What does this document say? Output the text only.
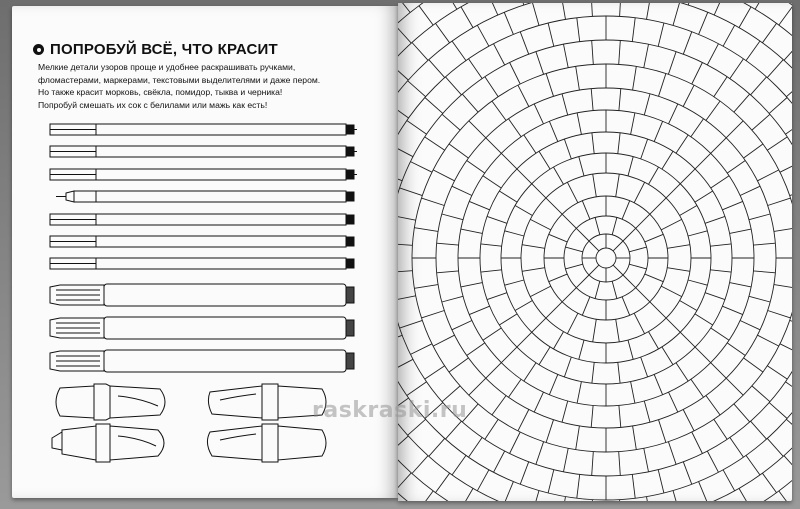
ПОПРОБУЙ ВСЁ, ЧТО КРАСИТ
Мелкие детали узоров проще и удобнее раскрашивать ручками,
фломастерами, маркерами, текстовыми выделителями и даже пером.
Но также красит морковь, свёкла, помидор, тыква и черника!
Попробуй смешать их сок с белилами или мажь как есть!
raskraski.ru
